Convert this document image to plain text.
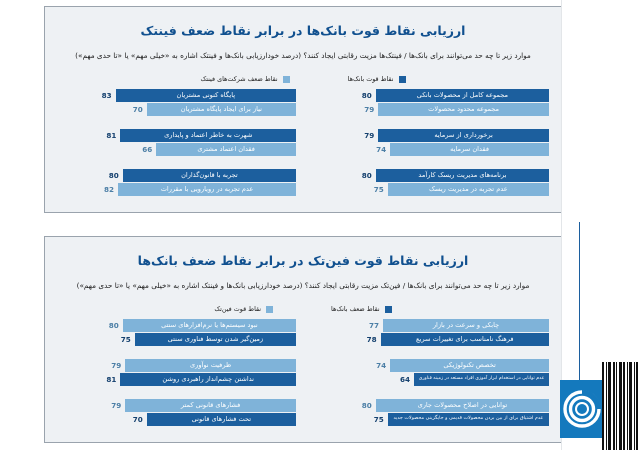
ارزیابی نقاط قوت بانک‌ها در برابر نقاط ضعف فینتک

موارد زیر تا چه حد می‌توانند برای بانک‌ها / فینتک‌ها مزیت رقابتی ایجاد کنند؟ (درصد خودارزیابی بانک‌ها و فینتک اشاره به «خیلی مهم» یا «تا حدی مهم»)

نقاط قوت بانک‌ها
نقاط ضعف شرکت‌های فینتک
مجموعه کامل از محصولات بانکی
80
مجموعه محدود محصولات
79
برخورداری از سرمایه
79
فقدان سرمایه
74
برنامه‌های مدیریت ریسک کارآمد
80
عدم تجربه در مدیریت ریسک
75
پایگاه کنونی مشتریان
83
نیاز برای ایجاد پایگاه مشتریان
70
شهرت به خاطر اعتماد و پایداری
81
فقدان اعتماد مشتری
66
تجربه با قانون‌گذاران
80
عدم تجربه در رویارویی با مقررات
82
ارزیابی نقاط قوت فین‌تک در برابر نقاط ضعف بانک‌ها

موارد زیر تا چه حد می‌توانند برای بانک‌ها / فین‌تک مزیت رقابتی ایجاد کنند؟ (درصد خودارزیابی بانک‌ها و فینتک اشاره به «خیلی مهم» یا «تا حدی مهم»)

نقاط ضعف بانک‌ها
نقاط قوت فین‌تک
چابکی و سرعت در بازار
77
فرهنگ نامناسب برای تغییرات سریع
78
تخصص تکنولوژیکی
74
عدم توانایی در استخدام ابزار آموزی افراد مستعد در زمینه فناوری
64
توانایی در اصلاح محصولات جاری
80
عدم اشتیاق برای از بین بردن محصولات قدیمی و جایگزینی محصولات جدید
75
نبود سیستم‌ها یا نرم‌افزارهای سنتی
80
زمین‌گیر شدن توسط فناوری سنتی
75
ظرفیت نوآوری
79
نداشتن چشم‌انداز راهبردی روشن
81
فشارهای قانونی کمتر
79
تحت فشارهای قانونی
70
